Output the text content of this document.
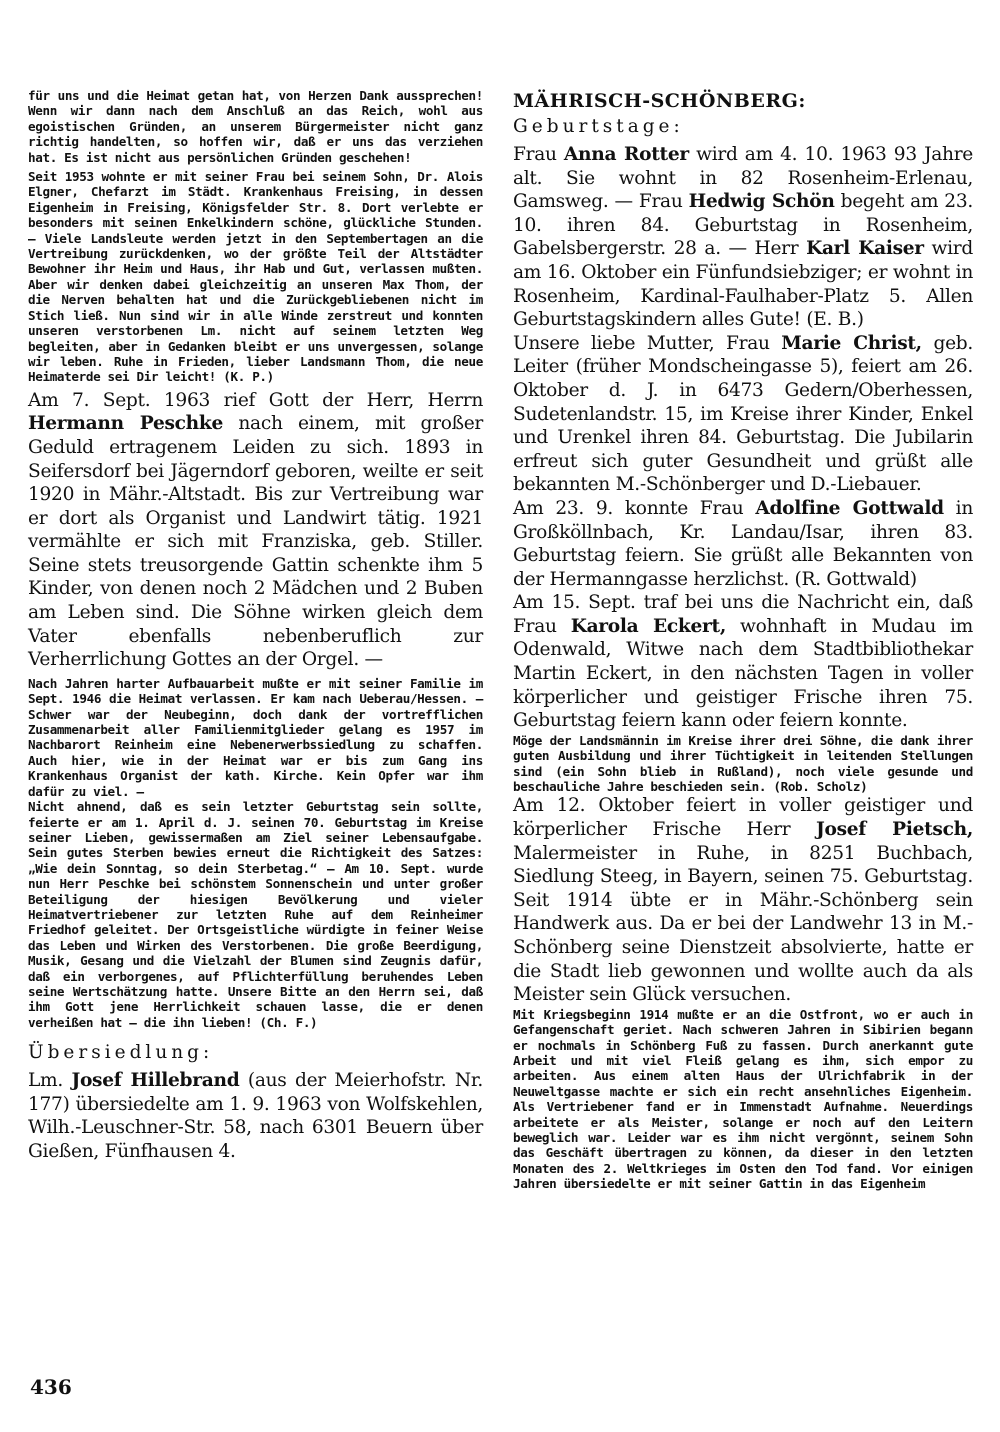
für uns und die Heimat getan hat, von Herzen Dank aussprechen! Wenn wir dann nach dem Anschluß an das Reich, wohl aus egoistischen Gründen, an unserem Bürgermeister nicht ganz richtig handelten, so hoffen wir, daß er uns das verziehen hat. Es ist nicht aus persönlichen Gründen geschehen!

Seit 1953 wohnte er mit seiner Frau bei seinem Sohn, Dr. Alois Elgner, Chefarzt im Städt. Krankenhaus Freising, in dessen Eigenheim in Freising, Königsfelder Str. 8. Dort verlebte er besonders mit seinen Enkelkindern schöne, glückliche Stunden. — Viele Landsleute werden jetzt in den Septembertagen an die Vertreibung zurückdenken, wo der größte Teil der Altstädter Bewohner ihr Heim und Haus, ihr Hab und Gut, verlassen mußten. Aber wir denken dabei gleichzeitig an unseren Max Thom, der die Nerven behalten hat und die Zurückgebliebenen nicht im Stich ließ. Nun sind wir in alle Winde zerstreut und konnten unseren verstorbenen Lm. nicht auf seinem letzten Weg begleiten, aber in Gedanken bleibt er uns unvergessen, solange wir leben. Ruhe in Frieden, lieber Landsmann Thom, die neue Heimaterde sei Dir leicht! (K. P.)

Am 7. Sept. 1963 rief Gott der Herr, Herrn Hermann Peschke nach einem, mit großer Geduld ertragenem Leiden zu sich. 1893 in Seifersdorf bei Jägerndorf geboren, weilte er seit 1920 in Mähr.-Altstadt. Bis zur Vertreibung war er dort als Organist und Landwirt tätig. 1921 vermählte er sich mit Franziska, geb. Stiller. Seine stets treusorgende Gattin schenkte ihm 5 Kinder, von denen noch 2 Mädchen und 2 Buben am Leben sind. Die Söhne wirken gleich dem Vater ebenfalls nebenberuflich zur Verherrlichung Gottes an der Orgel. —

Nach Jahren harter Aufbauarbeit mußte er mit seiner Familie im Sept. 1946 die Heimat verlassen. Er kam nach Ueberau/Hessen. — Schwer war der Neubeginn, doch dank der vortrefflichen Zusammenarbeit aller Familienmitglieder gelang es 1957 im Nachbarort Reinheim eine Nebenerwerbssiedlung zu schaffen. Auch hier, wie in der Heimat war er bis zum Gang ins Krankenhaus Organist der kath. Kirche. Kein Opfer war ihm dafür zu viel. —

Nicht ahnend, daß es sein letzter Geburtstag sein sollte, feierte er am 1. April d. J. seinen 70. Geburtstag im Kreise seiner Lieben, gewissermaßen am Ziel seiner Lebensaufgabe. Sein gutes Sterben bewies erneut die Richtigkeit des Satzes: „Wie dein Sonntag, so dein Sterbetag.“ — Am 10. Sept. wurde nun Herr Peschke bei schönstem Sonnenschein und unter großer Beteiligung der hiesigen Bevölkerung und vieler Heimatvertriebener zur letzten Ruhe auf dem Reinheimer Friedhof geleitet. Der Ortsgeistliche würdigte in feiner Weise das Leben und Wirken des Verstorbenen. Die große Beerdigung, Musik, Gesang und die Vielzahl der Blumen sind Zeugnis dafür, daß ein verborgenes, auf Pflichterfüllung beruhendes Leben seine Wertschätzung hatte. Unsere Bitte an den Herrn sei, daß ihm Gott jene Herrlichkeit schauen lasse, die er denen verheißen hat — die ihn lieben! (Ch. F.)

Übersiedlung:

Lm. Josef Hillebrand (aus der Meierhofstr. Nr. 177) übersiedelte am 1. 9. 1963 von Wolfskehlen, Wilh.-Leuschner-Str. 58, nach 6301 Beuern über Gießen, Fünfhausen 4.

MÄHRISCH-SCHÖNBERG:

Geburtstage:

Frau Anna Rotter wird am 4. 10. 1963 93 Jahre alt. Sie wohnt in 82 Rosenheim-Erlenau, Gamsweg. — Frau Hedwig Schön begeht am 23. 10. ihren 84. Geburtstag in Rosenheim, Gabelsbergerstr. 28 a. — Herr Karl Kaiser wird am 16. Oktober ein Fünfundsiebziger; er wohnt in Rosenheim, Kardinal-Faulhaber-Platz 5. Allen Geburtstagskindern alles Gute! (E. B.)

Unsere liebe Mutter, Frau Marie Christ, geb. Leiter (früher Mondscheingasse 5), feiert am 26. Oktober d. J. in 6473 Gedern/Oberhessen, Sudetenlandstr. 15, im Kreise ihrer Kinder, Enkel und Urenkel ihren 84. Geburtstag. Die Jubilarin erfreut sich guter Gesundheit und grüßt alle bekannten M.-Schönberger und D.-Liebauer.

Am 23. 9. konnte Frau Adolfine Gottwald in Großköllnbach, Kr. Landau/Isar, ihren 83. Geburtstag feiern. Sie grüßt alle Bekannten von der Hermanngasse herzlichst. (R. Gottwald)

Am 15. Sept. traf bei uns die Nachricht ein, daß Frau Karola Eckert, wohnhaft in Mudau im Odenwald, Witwe nach dem Stadtbibliothekar Martin Eckert, in den nächsten Tagen in voller körperlicher und geistiger Frische ihren 75. Geburtstag feiern kann oder feiern konnte.

Möge der Landsmännin im Kreise ihrer drei Söhne, die dank ihrer guten Ausbildung und ihrer Tüchtigkeit in leitenden Stellungen sind (ein Sohn blieb in Rußland), noch viele gesunde und beschauliche Jahre beschieden sein. (Rob. Scholz)

Am 12. Oktober feiert in voller geistiger und körperlicher Frische Herr Josef Pietsch, Malermeister in Ruhe, in 8251 Buchbach, Siedlung Steeg, in Bayern, seinen 75. Geburtstag. Seit 1914 übte er in Mähr.-Schönberg sein Handwerk aus. Da er bei der Landwehr 13 in M.-Schönberg seine Dienstzeit absolvierte, hatte er die Stadt lieb gewonnen und wollte auch da als Meister sein Glück versuchen.

Mit Kriegsbeginn 1914 mußte er an die Ostfront, wo er auch in Gefangenschaft geriet. Nach schweren Jahren in Sibirien begann er nochmals in Schönberg Fuß zu fassen. Durch anerkannt gute Arbeit und mit viel Fleiß gelang es ihm, sich empor zu arbeiten. Aus einem alten Haus der Ulrichfabrik in der Neuweltgasse machte er sich ein recht ansehnliches Eigenheim. Als Vertriebener fand er in Immenstadt Aufnahme. Neuerdings arbeitete er als Meister, solange er noch auf den Leitern beweglich war. Leider war es ihm nicht vergönnt, seinem Sohn das Geschäft übertragen zu können, da dieser in den letzten Monaten des 2. Weltkrieges im Osten den Tod fand. Vor einigen Jahren übersiedelte er mit seiner Gattin in das Eigenheim

436
